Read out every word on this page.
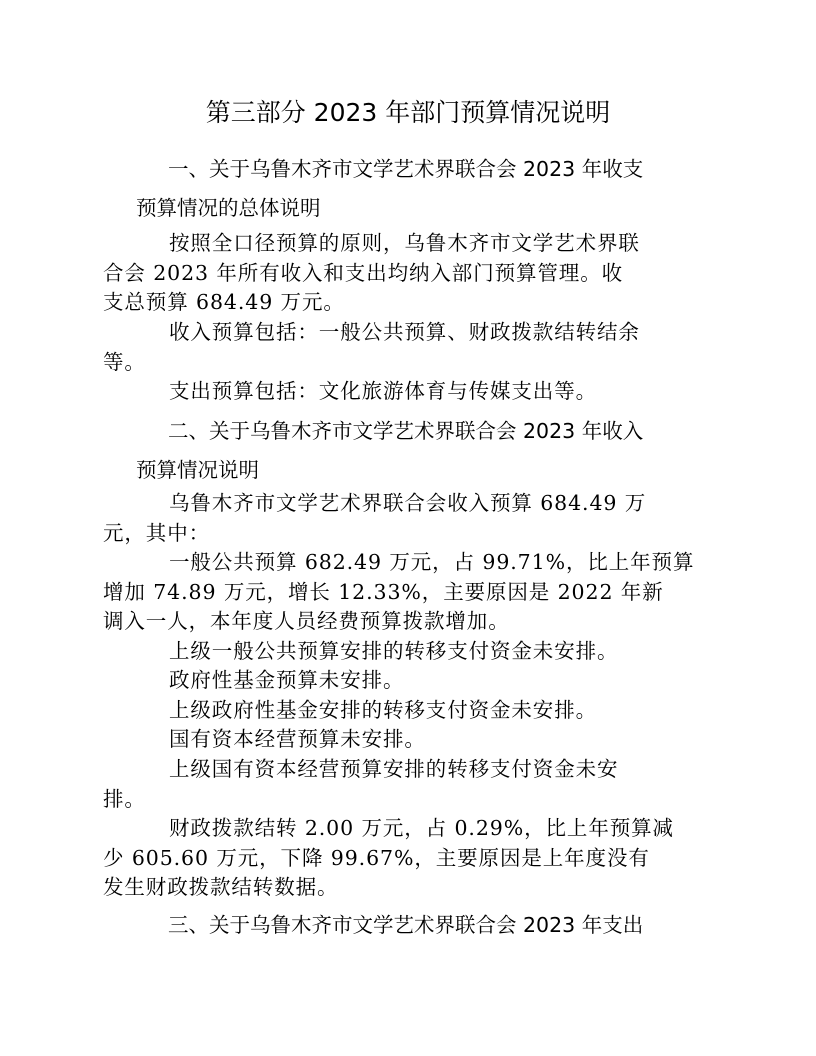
第三部分 2023 年部门预算情况说明
一、关于乌鲁木齐市文学艺术界联合会 2023 年收支
预算情况的总体说明
按照全口径预算的原则，乌鲁木齐市文学艺术界联
合会 2023 年所有收入和支出均纳入部门预算管理。收
支总预算 684.49 万元。
收入预算包括：一般公共预算、财政拨款结转结余
等。
支出预算包括：文化旅游体育与传媒支出等。
二、关于乌鲁木齐市文学艺术界联合会 2023 年收入
预算情况说明
乌鲁木齐市文学艺术界联合会收入预算 684.49 万
元，其中：
一般公共预算 682.49 万元，占 99.71%，比上年预算
增加 74.89 万元，增长 12.33%，主要原因是 2022 年新
调入一人，本年度人员经费预算拨款增加。
上级一般公共预算安排的转移支付资金未安排。
政府性基金预算未安排。
上级政府性基金安排的转移支付资金未安排。
国有资本经营预算未安排。
上级国有资本经营预算安排的转移支付资金未安
排。
财政拨款结转 2.00 万元，占 0.29%，比上年预算减
少 605.60 万元，下降 99.67%，主要原因是上年度没有
发生财政拨款结转数据。
三、关于乌鲁木齐市文学艺术界联合会 2023 年支出
